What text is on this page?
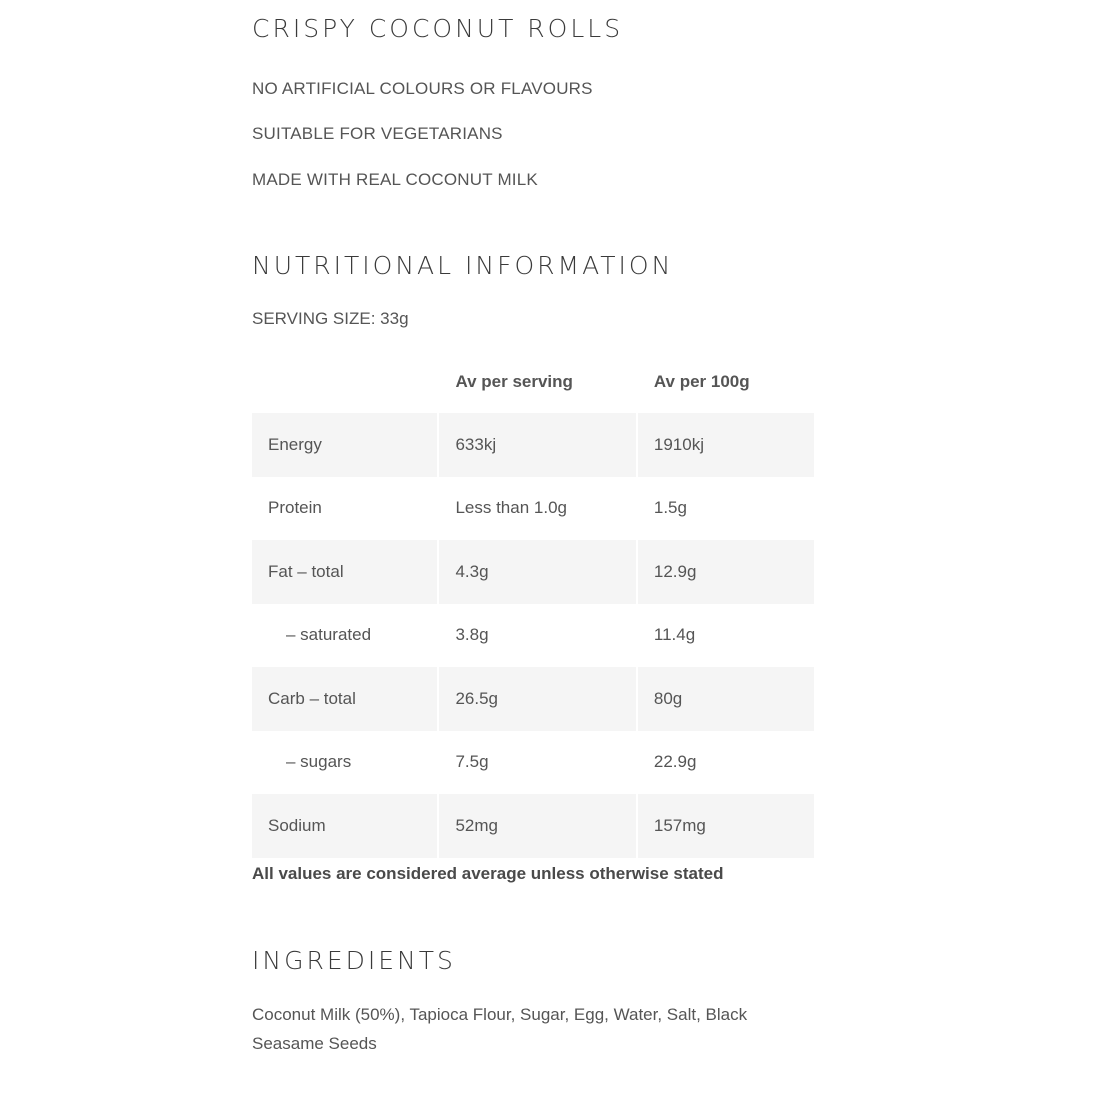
CRISPY COCONUT ROLLS
NO ARTIFICIAL COLOURS OR FLAVOURS
SUITABLE FOR VEGETARIANS
MADE WITH REAL COCONUT MILK
NUTRITIONAL INFORMATION
SERVING SIZE: 33g
	Av per serving	Av per 100g
Energy	633kj	1910kj
Protein	Less than 1.0g	1.5g
Fat – total	4.3g	12.9g
– saturated	3.8g	11.4g
Carb – total	26.5g	80g
– sugars	7.5g	22.9g
Sodium	52mg	157mg
All values are considered average unless otherwise stated
INGREDIENTS

Coconut Milk (50%), Tapioca Flour, Sugar, Egg, Water, Salt, Black Seasame Seeds
